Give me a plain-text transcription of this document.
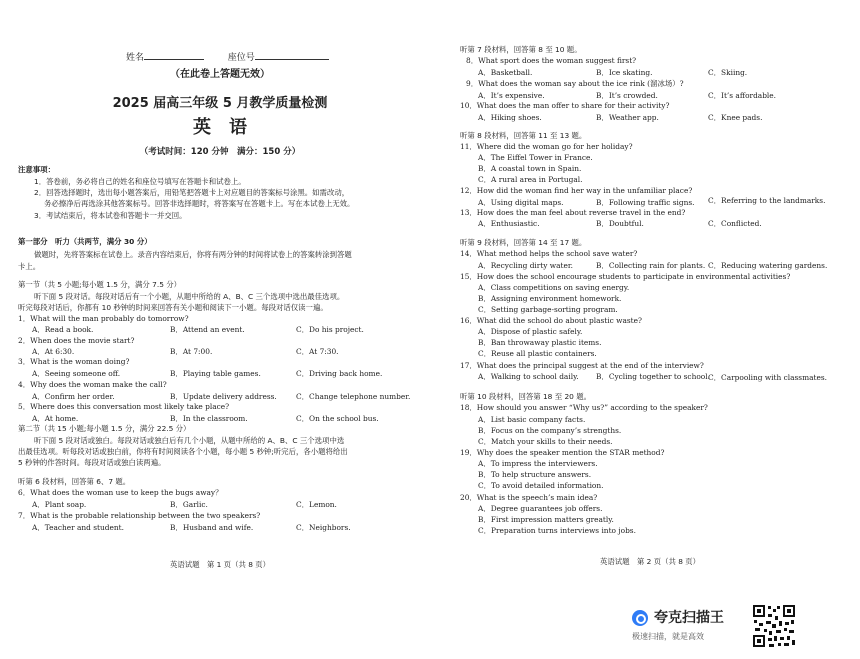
姓名	座位号
（在此卷上答题无效）
2025 届高三年级 5 月教学质量检测
英　语
（考试时间：120 分钟　满分：150 分）
注意事项：
1．答卷前，务必将自己的姓名和座位号填写在答题卡和试卷上。
2．回答选择题时，选出每小题答案后，用铅笔把答题卡上对应题目的答案标号涂黑。如需改动，
务必擦净后再选涂其他答案标号。回答非选择题时，将答案写在答题卡上。写在本试卷上无效。
3．考试结束后，将本试卷和答题卡一并交回。
第一部分　听力（共两节，满分 30 分）
做题时，先将答案标在试卷上。录音内容结束后，你将有两分钟的时间将试卷上的答案转涂到答题
卡上。
第一节（共 5 小题;每小题 1.5 分，满分 7.5 分）
听下面 5 段对话。每段对话后有一个小题，从题中所给的 A、B、C 三个选项中选出最佳选项。
听完每段对话后，你都有 10 秒钟的时间来回答有关小题和阅读下一小题。每段对话仅读一遍。
1．What will the man probably do tomorrow?
A．Read a book.	B．Attend an event.	C．Do his project.
2．When does the movie start?
A．At 6:30.	B．At 7:00.	C．At 7:30.
3．What is the woman doing?
A．Seeing someone off.	B．Playing table games.	C．Driving back home.
4．Why does the woman make the call?
A．Confirm her order.	B．Update delivery address.	C．Change telephone number.
5．Where does this conversation most likely take place?
A．At home.	B．In the classroom.	C．On the school bus.
第二节（共 15 小题;每小题 1.5 分，满分 22.5 分）
听下面 5 段对话或独白。每段对话或独白后有几个小题，从题中所给的 A、B、C 三个选项中选
出最佳选项。听每段对话或独白前，你将有时间阅读各个小题，每小题 5 秒钟;听完后，各小题将给出
5 秒钟的作答时间。每段对话或独白读两遍。
听第 6 段材料，回答第 6、7 题。
6．What does the woman use to keep the bugs away？
A．Plant soap.	B．Garlic.	C．Lemon.
7．What is the probable relationship between the two speakers?
A．Teacher and student.	B．Husband and wife.	C．Neighbors.
英语试题　第 1 页（共 8 页）
听第 7 段材料，回答第 8 至 10 题。
8．What sport does the woman suggest first?
A．Basketball.	B．Ice skating.	C．Skiing.
9．What does the woman say about the ice rink (溜冰场）?
A．It’s expensive.	B．It’s crowded.	C．It’s affordable.
10．What does the man offer to share for their activity?
A．Hiking shoes.	B．Weather app.	C．Knee pads.
听第 8 段材料，回答第 11 至 13 题。
11．Where did the woman go for her holiday?
A．The Eiffel Tower in France.
B．A coastal town in Spain.
C．A rural area in Portugal.
12．How did the woman find her way in the unfamiliar place?
A．Using digital maps.	B．Following traffic signs. C．Referring to the landmarks.
13．How does the man feel about reverse travel in the end?
A．Enthusiastic.	B．Doubtful.	C．Conflicted.
听第 9 段材料，回答第 14 至 17 题。
14．What method helps the school save water?
A．Recycling dirty water.	B．Collecting rain for plants. C．Reducing watering gardens.
15．How does the school encourage students to participate in environmental activities?
A．Class competitions on saving energy.
B．Assigning environment homework.
C．Setting garbage-sorting program.
16．What did the school do about plastic waste?
A．Dispose of plastic safely.
B．Ban throwaway plastic items.
C．Reuse all plastic containers.
17．What does the principal suggest at the end of the interview?
A．Walking to school daily. B．Cycling together to school.
C．Carpooling with classmates.
听第 10 段材料，回答第 18 至 20 题。
18．How should you answer “Why us?” according to the speaker?
A．List basic company facts.
B．Focus on the company’s strengths.
C．Match your skills to their needs.
19．Why does the speaker mention the STAR method?
A．To impress the interviewers.
B．To help structure answers.
C．To avoid detailed information.
20．What is the speech’s main idea?
A．Degree guarantees job offers.
B．First impression matters greatly.
C．Preparation turns interviews into jobs.
英语试题　第 2 页（共 8 页）
夸克扫描王
极速扫描，就是高效
